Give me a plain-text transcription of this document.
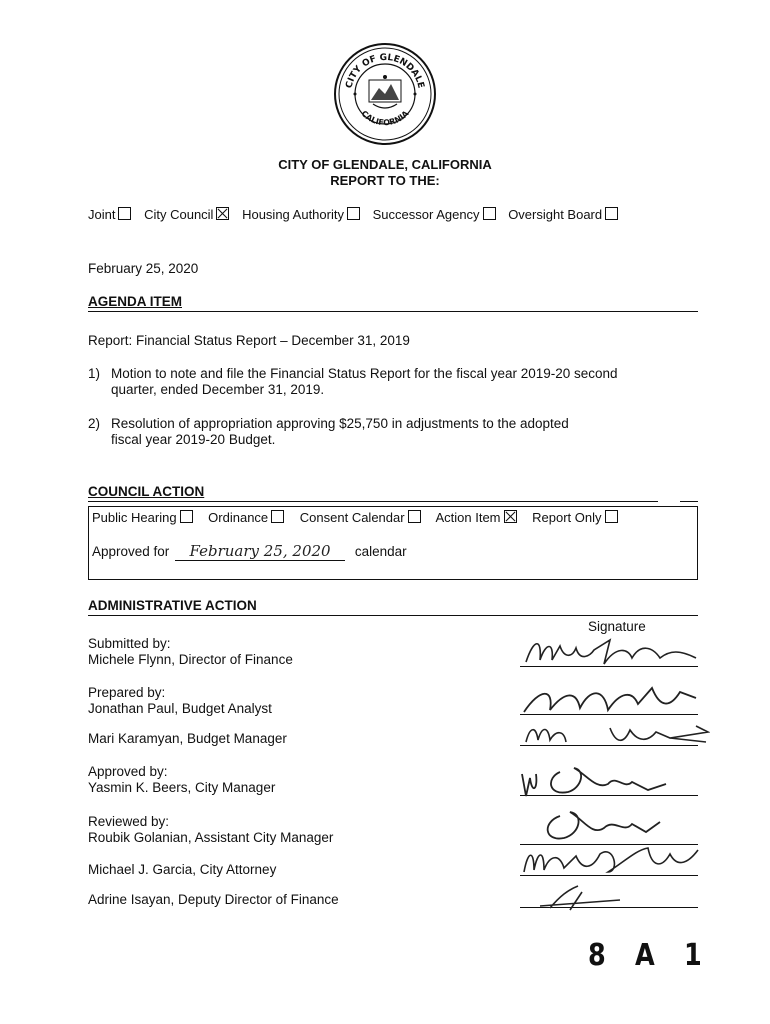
CITY OF GLENDALE
CALIFORNIA
CITY OF GLENDALE, CALIFORNIA
REPORT TO THE:
Joint City Council Housing Authority Successor Agency Oversight Board
February 25, 2020
AGENDA ITEM
Report: Financial Status Report – December 31, 2019
1) Motion to note and file the Financial Status Report for the fiscal year 2019-20 second
quarter, ended December 31, 2019.
2) Resolution of appropriation approving $25,750 in adjustments to the adopted
fiscal year 2019-20 Budget.
COUNCIL ACTION
Public Hearing Ordinance Consent Calendar Action Item Report Only
Approved for February 25, 2020 calendar
ADMINISTRATIVE ACTION
Signature
Submitted by:
Michele Flynn, Director of Finance
Prepared by:
Jonathan Paul, Budget Analyst
Mari Karamyan, Budget Manager
Approved by:
Yasmin K. Beers, City Manager
Reviewed by:
Roubik Golanian, Assistant City Manager
Michael J. Garcia, City Attorney
Adrine Isayan, Deputy Director of Finance
8 A 1
